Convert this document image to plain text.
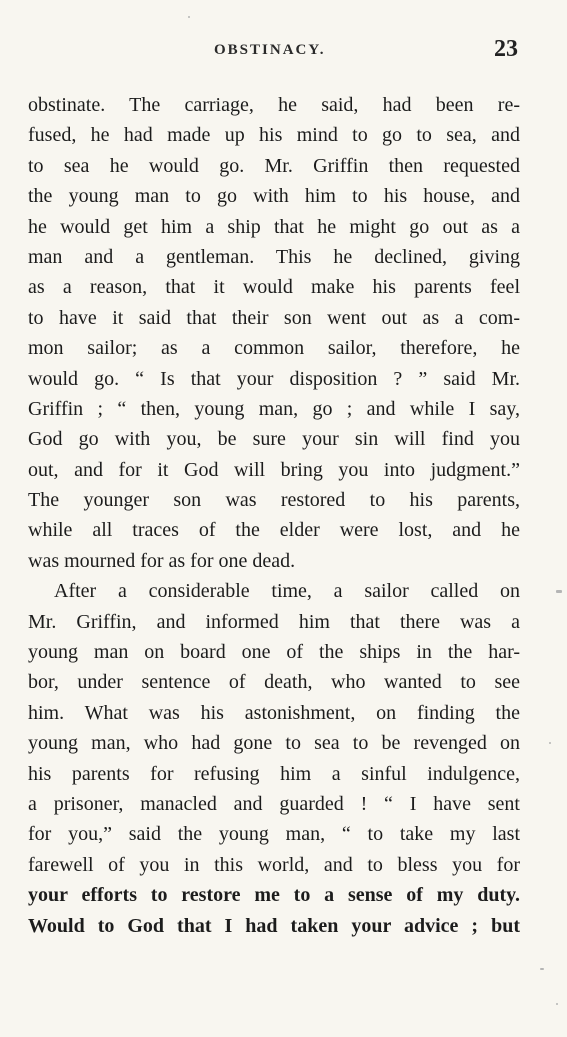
OBSTINACY.	23
obstinate. The carriage, he said, had been re-
fused, he had made up his mind to go to sea, and
to sea he would go. Mr. Griffin then requested
the young man to go with him to his house, and
he would get him a ship that he might go out as a
man and a gentleman. This he declined, giving
as a reason, that it would make his parents feel
to have it said that their son went out as a com-
mon sailor; as a common sailor, therefore, he
would go. “ Is that your disposition ? ” said Mr.
Griffin ; “ then, young man, go ; and while I say,
God go with you, be sure your sin will find you
out, and for it God will bring you into judgment.”
The younger son was restored to his parents,
while all traces of the elder were lost, and he
was mourned for as for one dead.
After a considerable time, a sailor called on
Mr. Griffin, and informed him that there was a
young man on board one of the ships in the har-
bor, under sentence of death, who wanted to see
him. What was his astonishment, on finding the
young man, who had gone to sea to be revenged on
his parents for refusing him a sinful indulgence,
a prisoner, manacled and guarded ! “ I have sent
for you,” said the young man, “ to take my last
farewell of you in this world, and to bless you for
your efforts to restore me to a sense of my duty.
Would to God that I had taken your advice ; but
